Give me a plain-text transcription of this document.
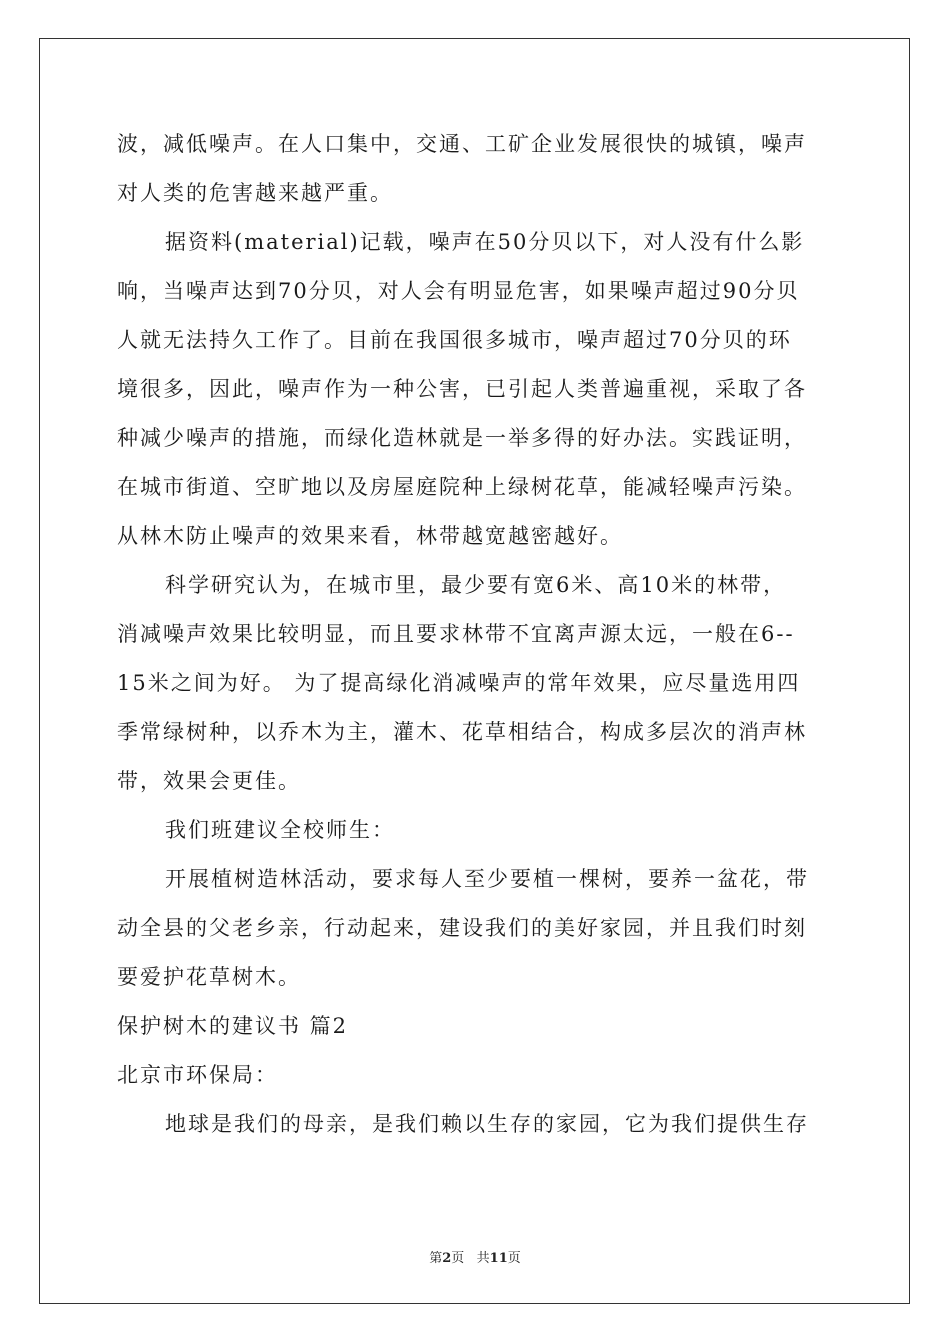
波，减低噪声。在人口集中，交通、工矿企业发展很快的城镇，噪声
对人类的危害越来越严重。
据资料(material)记载，噪声在50分贝以下，对人没有什么影
响，当噪声达到70分贝，对人会有明显危害，如果噪声超过90分贝
人就无法持久工作了。目前在我国很多城市，噪声超过70分贝的环
境很多，因此，噪声作为一种公害，已引起人类普遍重视，采取了各
种减少噪声的措施，而绿化造林就是一举多得的好办法。实践证明，
在城市街道、空旷地以及房屋庭院种上绿树花草，能减轻噪声污染。
从林木防止噪声的效果来看，林带越宽越密越好。
科学研究认为，在城市里，最少要有宽6米、高10米的林带，
消减噪声效果比较明显，而且要求林带不宜离声源太远，一般在6--
15米之间为好。 为了提高绿化消减噪声的常年效果，应尽量选用四
季常绿树种，以乔木为主，灌木、花草相结合，构成多层次的消声林
带，效果会更佳。
我们班建议全校师生：
开展植树造林活动，要求每人至少要植一棵树，要养一盆花，带
动全县的父老乡亲，行动起来，建设我们的美好家园，并且我们时刻
要爱护花草树木。
保护树木的建议书 篇2
北京市环保局：
地球是我们的母亲，是我们赖以生存的家园，它为我们提供生存
第2页   共11页
